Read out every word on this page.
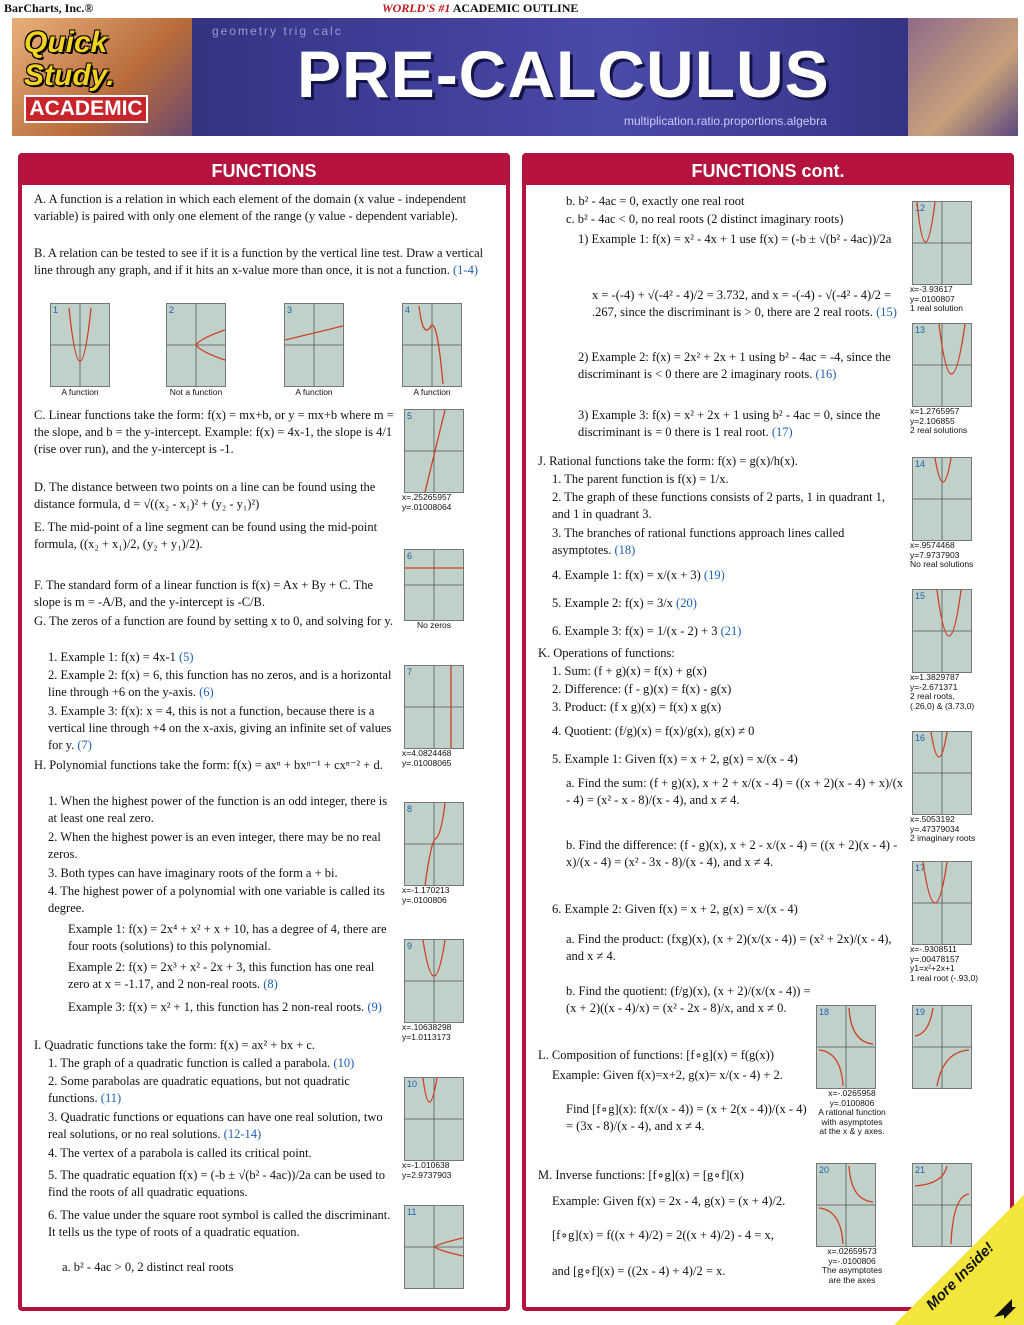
BarCharts, Inc.®	WORLD'S #1 ACADEMIC OUTLINE
geometry trig calc
Quick
Study.
ACADEMIC PRE-CALCULUS
multiplication.ratio.proportions.algebra
FUNCTIONS
A. A function is a relation in which each element of the domain (x value - independent variable) is paired with only one element of the range (y value - dependent variable).
B. A relation can be tested to see if it is a function by the vertical line test. Draw a vertical line through any graph, and if it hits an x-value more than once, it is not a function. (1-4)
1
A function
2
Not a function
3
A function
4
A function
C. Linear functions take the form: f(x) = mx+b, or y = mx+b where m = the slope, and b = the y-intercept. Example: f(x) = 4x-1, the slope is 4/1 (rise over run), and the y-intercept is -1.
D. The distance between two points on a line can be found using the distance formula, d = √((x₂ - x₁)² + (y₂ - y₁)²)
E. The mid-point of a line segment can be found using the mid-point formula, ((x₂ + x₁)/2, (y₂ + y₁)/2).
F. The standard form of a linear function is f(x) = Ax + By + C. The slope is m = -A/B, and the y-intercept is -C/B.
G. The zeros of a function are found by setting x to 0, and solving for y.
1. Example 1: f(x) = 4x-1 (5)
2. Example 2: f(x) = 6, this function has no zeros, and is a horizontal line through +6 on the y-axis. (6)
3. Example 3: f(x): x = 4, this is not a function, because there is a vertical line through +4 on the x-axis, giving an infinite set of values for y. (7)
H. Polynomial functions take the form: f(x) = axⁿ + bxⁿ⁻¹ + cxⁿ⁻² + d.
1. When the highest power of the function is an odd integer, there is at least one real zero.
2. When the highest power is an even integer, there may be no real zeros.
3. Both types can have imaginary roots of the form a + bi.
4. The highest power of a polynomial with one variable is called its degree.
Example 1: f(x) = 2x⁴ + x² + x + 10, has a degree of 4, there are four roots (solutions) to this polynomial.
Example 2: f(x) = 2x³ + x² - 2x + 3, this function has one real zero at x = -1.17, and 2 non-real roots. (8)
Example 3: f(x) = x² + 1, this function has 2 non-real roots. (9)
I. Quadratic functions take the form: f(x) = ax² + bx + c.
1. The graph of a quadratic function is called a parabola. (10)
2. Some parabolas are quadratic equations, but not quadratic functions. (11)
3. Quadratic functions or equations can have one real solution, two real solutions, or no real solutions. (12-14)
4. The vertex of a parabola is called its critical point.
5. The quadratic equation f(x) = (-b ± √(b² - 4ac))/2a can be used to find the roots of all quadratic equations.
6. The value under the square root symbol is called the discriminant. It tells us the type of roots of a quadratic equation.
a. b² - 4ac > 0, 2 distinct real roots
5
x=.25265957
y=.01008064
6
No zeros
7
x=4.0824468
y=.01008065
8
x=-1.170213
y=.0100806
9
x=.10638298
y=1.0113173
10
x=-1.010638
y=2.9737903
11
FUNCTIONS cont.
b. b² - 4ac = 0, exactly one real root
c. b² - 4ac < 0, no real roots (2 distinct imaginary roots)
1) Example 1: f(x) = x² - 4x + 1 use f(x) = (-b ± √(b² - 4ac))/2a
x = -(-4) + √(-4² - 4)/2 = 3.732, and x = -(-4) - √(-4² - 4)/2 = .267, since the discriminant is > 0, there are 2 real roots. (15)
2) Example 2: f(x) = 2x² + 2x + 1 using b² - 4ac = -4, since the discriminant is < 0 there are 2 imaginary roots. (16)
3) Example 3: f(x) = x² + 2x + 1 using b² - 4ac = 0, since the discriminant is = 0 there is 1 real root. (17)
J. Rational functions take the form: f(x) = g(x)/h(x).
1. The parent function is f(x) = 1/x.
2. The graph of these functions consists of 2 parts, 1 in quadrant 1, and 1 in quadrant 3.
3. The branches of rational functions approach lines called asymptotes. (18)
4. Example 1: f(x) = x/(x + 3) (19)
5. Example 2: f(x) = 3/x (20)
6. Example 3: f(x) = 1/(x - 2) + 3 (21)
K. Operations of functions:
1. Sum: (f + g)(x) = f(x) + g(x)
2. Difference: (f - g)(x) = f(x) - g(x)
3. Product: (f x g)(x) = f(x) x g(x)
4. Quotient: (f/g)(x) = f(x)/g(x), g(x) ≠ 0
5. Example 1: Given f(x) = x + 2, g(x) = x/(x - 4)
a. Find the sum: (f + g)(x), x + 2 + x/(x - 4) = ((x + 2)(x - 4) + x)/(x - 4) = (x² - x - 8)/(x - 4), and x ≠ 4.
b. Find the difference: (f - g)(x), x + 2 - x/(x - 4) = ((x + 2)(x - 4) - x)/(x - 4) = (x² - 3x - 8)/(x - 4), and x ≠ 4.
6. Example 2: Given f(x) = x + 2, g(x) = x/(x - 4)
a. Find the product: (fxg)(x), (x + 2)(x/(x - 4)) = (x² + 2x)/(x - 4), and x ≠ 4.
b. Find the quotient: (f/g)(x), (x + 2)/(x/(x - 4)) = (x + 2)((x - 4)/x) = (x² - 2x - 8)/x, and x ≠ 0.
L. Composition of functions: [f∘g](x) = f(g(x))
Example: Given f(x)=x+2, g(x)= x/(x - 4) + 2.
Find [f∘g](x): f(x/(x - 4)) = (x + 2(x - 4))/(x - 4) = (3x - 8)/(x - 4), and x ≠ 4.
M. Inverse functions: [f∘g](x) = [g∘f](x)
Example: Given f(x) = 2x - 4, g(x) = (x + 4)/2.
[f∘g](x) = f((x + 4)/2) = 2((x + 4)/2) - 4 = x,
and [g∘f](x) = ((2x - 4) + 4)/2 = x.
12
x=-3.93617
y=.0100807
1 real solution
13
x=1.2765957
y=2.106855
2 real solutions
14
x=.9574468
y=7.9737903
No real solutions
15
x=1.3829787
y=-2.671371
2 real roots,
(.26,0) & (3.73,0)
16
x=.5053192
y=.47379034
2 imaginary roots
17
x=-.9308511
y=.00478157
y1=x²+2x+1
1 real root (-.93,0)
18
x=-.0265958
y=.0100806
A rational function
with asymptotes
at the x & y axes.
19
20
x=.02659573
y=-.0100806
The asymptotes
are the axes
21
More Inside!
